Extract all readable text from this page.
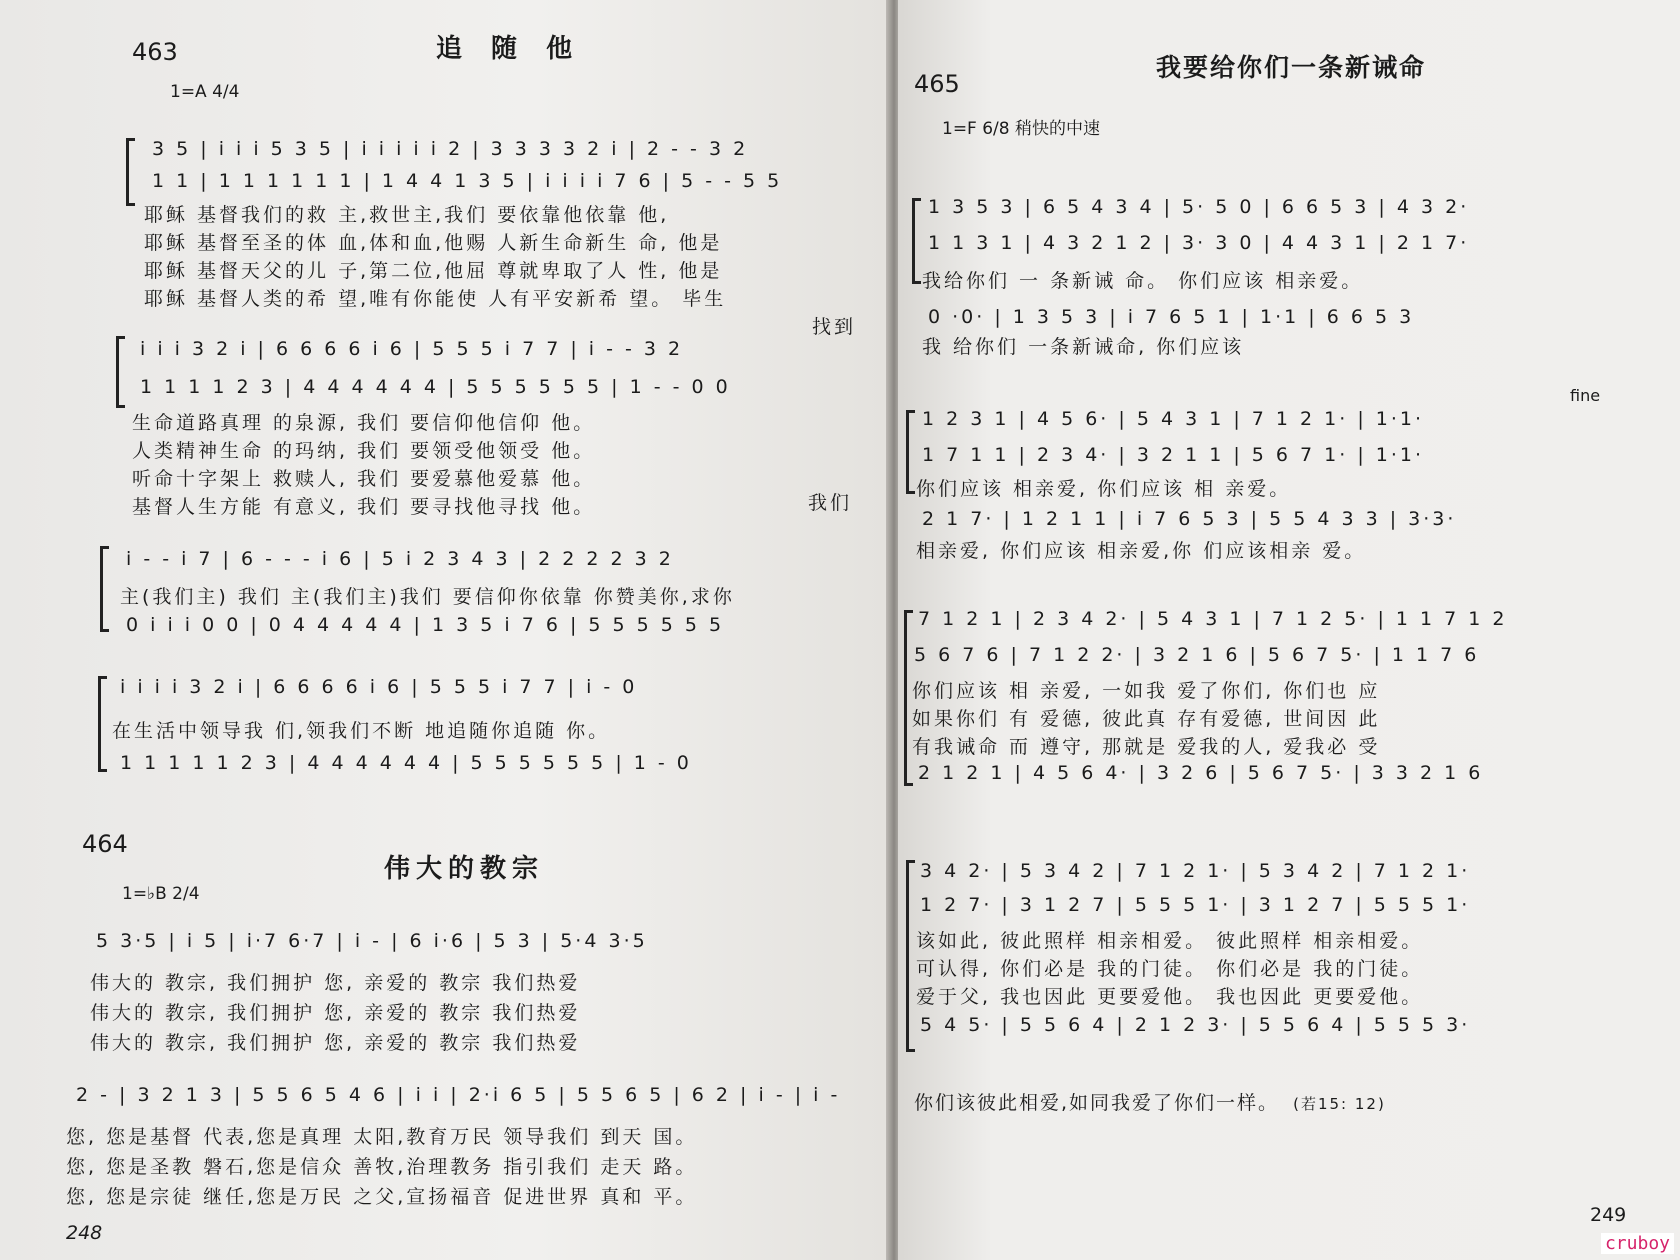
463	追 随 他
1=A 4/4
3 5 | i i i 5 3 5 | i i i i i 2 | 3 3 3 3 2 i | 2 - - 3 2
1 1 | 1 1 1 1 1 1 | 1 4 4 1 3 5 | i i i i 7 6 | 5 - - 5 5
耶稣 基督我们的救 主,救世主,我们 要依靠他依靠 他,
耶稣 基督至圣的体 血,体和血,他赐 人新生命新生 命, 他是
耶稣 基督天父的儿 子,第二位,他屈 尊就卑取了人 性, 他是
耶稣 基督人类的希 望,唯有你能使 人有平安新希 望。 毕生
找到
i i i 3 2 i | 6 6 6 6 i 6 | 5 5 5 i 7 7 | i - - 3 2
1 1 1 1 2 3 | 4 4 4 4 4 4 | 5 5 5 5 5 5 | 1 - - 0 0
生命道路真理 的泉源, 我们 要信仰他信仰 他。
人类精神生命 的玛纳, 我们 要领受他领受 他。
听命十字架上 救赎人, 我们 要爱慕他爱慕 他。
基督人生方能 有意义, 我们 要寻找他寻找 他。	我们
i - - i 7 | 6 - - - i 6 | 5 i 2 3 4 3 | 2 2 2 2 3 2
主(我们主) 我们 主(我们主)我们 要信仰你依靠 你赞美你,求你
0 i i i 0 0 | 0 4 4 4 4 4 | 1 3 5 i 7 6 | 5 5 5 5 5 5
i i i i 3 2 i | 6 6 6 6 i 6 | 5 5 5 i 7 7 | i - 0
在生活中领导我 们,领我们不断 地追随你追随 你。
1 1 1 1 1 2 3 | 4 4 4 4 4 4 | 5 5 5 5 5 5 | 1 - 0
464
伟大的教宗
1=♭B 2/4
5 3·5 | i 5 | i·7 6·7 | i - | 6 i·6 | 5 3 | 5·4 3·5
伟大的 教宗, 我们拥护 您, 亲爱的 教宗 我们热爱
伟大的 教宗, 我们拥护 您, 亲爱的 教宗 我们热爱
伟大的 教宗, 我们拥护 您, 亲爱的 教宗 我们热爱
2 - | 3 2 1 3 | 5 5 6 5 4 6 | i i | 2·i 6 5 | 5 5 6 5 | 6 2 | i - | i -
您, 您是基督 代表,您是真理 太阳,教育万民 领导我们 到天 国。
您, 您是圣教 磐石,您是信众 善牧,治理教务 指引我们 走天 路。
您, 您是宗徒 继任,您是万民 之父,宣扬福音 促进世界 真和 平。
248
465
我要给你们一条新诫命
1=F 6/8 稍快的中速
1 3 5 3 | 6 5 4 3 4 | 5· 5 0 | 6 6 5 3 | 4 3 2·
1 1 3 1 | 4 3 2 1 2 | 3· 3 0 | 4 4 3 1 | 2 1 7·
我给你们 一 条新诫 命。 你们应该 相亲爱。
0 ·0· | 1 3 5 3 | i 7 6 5 1 | 1·1 | 6 6 5 3
我 给你们 一条新诫命, 你们应该
fine
1 2 3 1 | 4 5 6· | 5 4 3 1 | 7 1 2 1· | 1·1·
1 7 1 1 | 2 3 4· | 3 2 1 1 | 5 6 7 1· | 1·1·
你们应该 相亲爱, 你们应该 相 亲爱。
2 1 7· | 1 2 1 1 | i 7 6 5 3 | 5 5 4 3 3 | 3·3·
相亲爱, 你们应该 相亲爱,你 们应该相亲 爱。
7 1 2 1 | 2 3 4 2· | 5 4 3 1 | 7 1 2 5· | 1 1 7 1 2
5 6 7 6 | 7 1 2 2· | 3 2 1 6 | 5 6 7 5· | 1 1 7 6
你们应该 相 亲爱, 一如我 爱了你们, 你们也 应
如果你们 有 爱德, 彼此真 存有爱德, 世间因 此
有我诫命 而 遵守, 那就是 爱我的人, 爱我必 受
2 1 2 1 | 4 5 6 4· | 3 2 6 | 5 6 7 5· | 3 3 2 1 6
3 4 2· | 5 3 4 2 | 7 1 2 1· | 5 3 4 2 | 7 1 2 1·
1 2 7· | 3 1 2 7 | 5 5 5 1· | 3 1 2 7 | 5 5 5 1·
该如此, 彼此照样 相亲相爱。 彼此照样 相亲相爱。
可认得, 你们必是 我的门徒。 你们必是 我的门徒。
爱于父, 我也因此 更要爱他。 我也因此 更要爱他。
5 4 5· | 5 5 6 4 | 2 1 2 3· | 5 5 6 4 | 5 5 5 3·
你们该彼此相爱,如同我爱了你们一样。 (若15: 12)
249
cruboy
